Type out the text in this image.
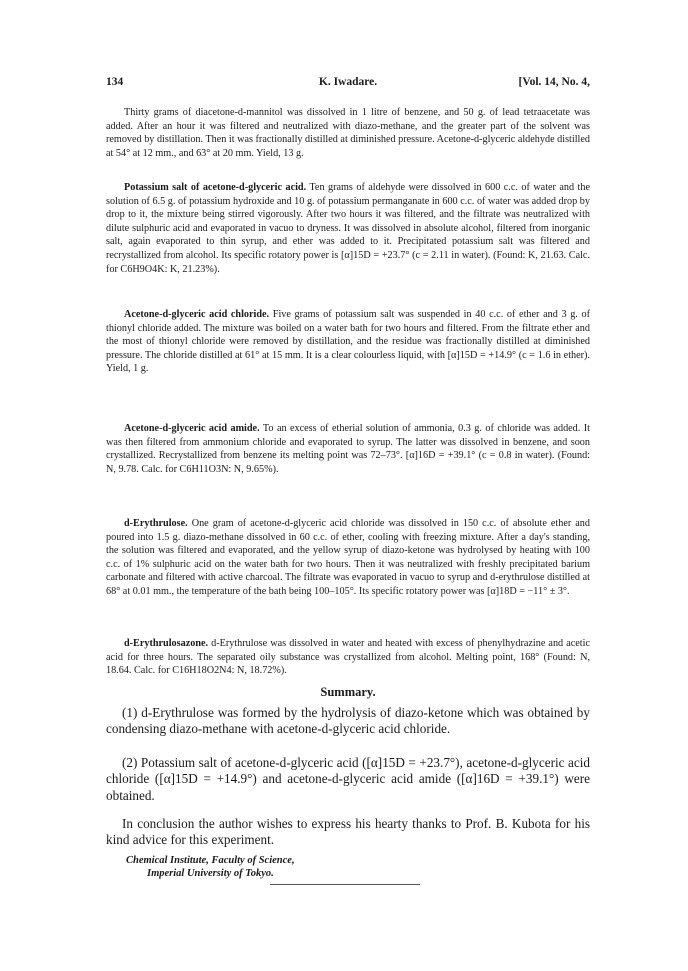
134	K. Iwadare.	[Vol. 14, No. 4,

Thirty grams of diacetone-d-mannitol was dissolved in 1 litre of benzene, and 50 g. of lead tetraacetate was added. After an hour it was filtered and neutralized with diazo-methane, and the greater part of the solvent was removed by distillation. Then it was fractionally distilled at diminished pressure. Acetone-d-glyceric aldehyde distilled at 54° at 12 mm., and 63° at 20 mm. Yield, 13 g.

Potassium salt of acetone-d-glyceric acid. Ten grams of aldehyde were dissolved in 600 c.c. of water and the solution of 6.5 g. of potassium hydroxide and 10 g. of potassium permanganate in 600 c.c. of water was added drop by drop to it, the mixture being stirred vigorously. After two hours it was filtered, and the filtrate was neutralized with dilute sulphuric acid and evaporated in vacuo to dryness. It was dissolved in absolute alcohol, filtered from inorganic salt, again evaporated to thin syrup, and ether was added to it. Precipitated potassium salt was filtered and recrystallized from alcohol. Its specific rotatory power is [α]15D = +23.7° (c = 2.11 in water). (Found: K, 21.63. Calc. for C6H9O4K: K, 21.23%).

Acetone-d-glyceric acid chloride. Five grams of potassium salt was suspended in 40 c.c. of ether and 3 g. of thionyl chloride added. The mixture was boiled on a water bath for two hours and filtered. From the filtrate ether and the most of thionyl chloride were removed by distillation, and the residue was fractionally distilled at diminished pressure. The chloride distilled at 61° at 15 mm. It is a clear colourless liquid, with [α]15D = +14.9° (c = 1.6 in ether). Yield, 1 g.

Acetone-d-glyceric acid amide. To an excess of etherial solution of ammonia, 0.3 g. of chloride was added. It was then filtered from ammonium chloride and evaporated to syrup. The latter was dissolved in benzene, and soon crystallized. Recrystallized from benzene its melting point was 72–73°. [α]16D = +39.1° (c = 0.8 in water). (Found: N, 9.78. Calc. for C6H11O3N: N, 9.65%).

d-Erythrulose. One gram of acetone-d-glyceric acid chloride was dissolved in 150 c.c. of absolute ether and poured into 1.5 g. diazo-methane dissolved in 60 c.c. of ether, cooling with freezing mixture. After a day's standing, the solution was filtered and evaporated, and the yellow syrup of diazo-ketone was hydrolysed by heating with 100 c.c. of 1% sulphuric acid on the water bath for two hours. Then it was neutralized with freshly precipitated barium carbonate and filtered with active charcoal. The filtrate was evaporated in vacuo to syrup and d-erythrulose distilled at 68° at 0.01 mm., the temperature of the bath being 100–105°. Its specific rotatory power was [α]18D = −11° ± 3°.

d-Erythrulosazone. d-Erythrulose was dissolved in water and heated with excess of phenylhydrazine and acetic acid for three hours. The separated oily substance was crystallized from alcohol. Melting point, 168° (Found: N, 18.64. Calc. for C16H18O2N4: N, 18.72%).

Summary.

(1) d-Erythrulose was formed by the hydrolysis of diazo-ketone which was obtained by condensing diazo-methane with acetone-d-glyceric acid chloride.

(2) Potassium salt of acetone-d-glyceric acid ([α]15D = +23.7°), acetone-d-glyceric acid chloride ([α]15D = +14.9°) and acetone-d-glyceric acid amide ([α]16D = +39.1°) were obtained.

In conclusion the author wishes to express his hearty thanks to Prof. B. Kubota for his kind advice for this experiment.

Chemical Institute, Faculty of Science,
Imperial University of Tokyo.
